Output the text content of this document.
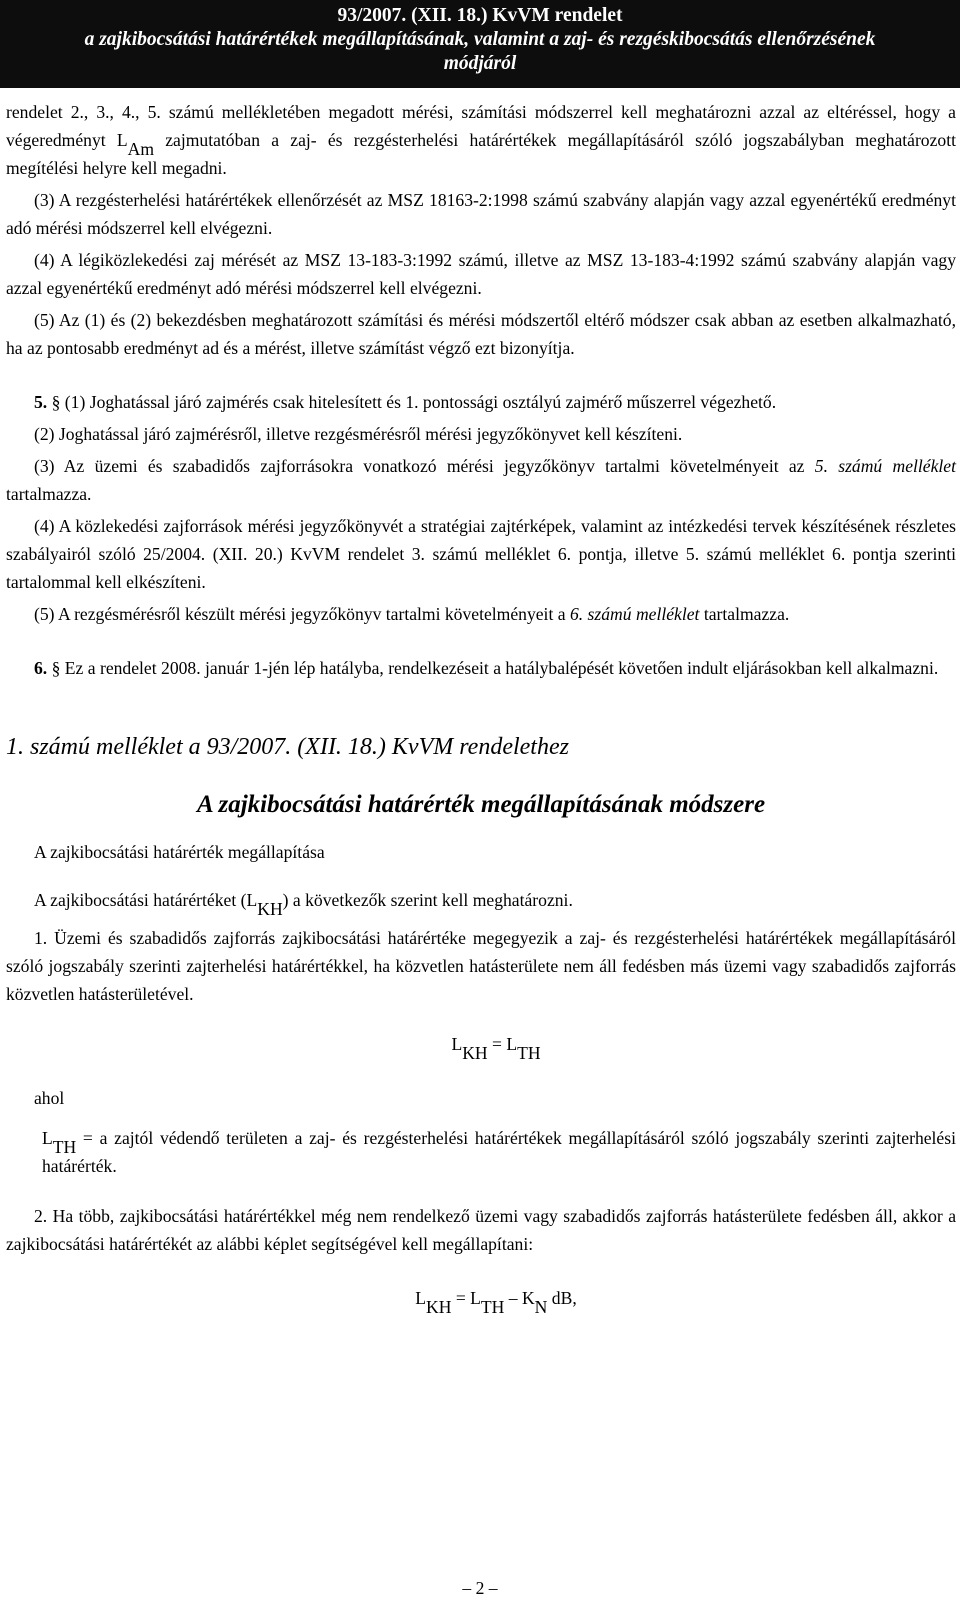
93/2007. (XII. 18.) KvVM rendelet
a zajkibocsátási határértékek megállapításának, valamint a zaj- és rezgéskibocsátás ellenőrzésének
módjáról

rendelet 2., 3., 4., 5. számú mellékletében megadott mérési, számítási módszerrel kell meghatározni azzal az eltéréssel, hogy a végeredményt $L_{Am}$ zajmutatóban a zaj- és rezgésterhelési határértékek megállapításáról szóló jogszabályban meghatározott megítélési helyre kell megadni.

(3) A rezgésterhelési határértékek ellenőrzését az MSZ 18163-2:1998 számú szabvány alapján vagy azzal egyenértékű eredményt adó mérési módszerrel kell elvégezni.

(4) A légiközlekedési zaj mérését az MSZ 13-183-3:1992 számú, illetve az MSZ 13-183-4:1992 számú szabvány alapján vagy azzal egyenértékű eredményt adó mérési módszerrel kell elvégezni.

(5) Az (1) és (2) bekezdésben meghatározott számítási és mérési módszertől eltérő módszer csak abban az esetben alkalmazható, ha az pontosabb eredményt ad és a mérést, illetve számítást végző ezt bizonyítja.

5. § (1) Joghatással járó zajmérés csak hitelesített és 1. pontossági osztályú zajmérő műszerrel végezhető.

(2) Joghatással járó zajmérésről, illetve rezgésmérésről mérési jegyzőkönyvet kell készíteni.

(3) Az üzemi és szabadidős zajforrásokra vonatkozó mérési jegyzőkönyv tartalmi követelményeit az 5. számú melléklet tartalmazza.

(4) A közlekedési zajforrások mérési jegyzőkönyvét a stratégiai zajtérképek, valamint az intézkedési tervek készítésének részletes szabályairól szóló 25/2004. (XII. 20.) KvVM rendelet 3. számú melléklet 6. pontja, illetve 5. számú melléklet 6. pontja szerinti tartalommal kell elkészíteni.

(5) A rezgésmérésről készült mérési jegyzőkönyv tartalmi követelményeit a 6. számú melléklet tartalmazza.

6. § Ez a rendelet 2008. január 1-jén lép hatályba, rendelkezéseit a hatálybalépését követően indult eljárásokban kell alkalmazni.

1. számú melléklet a 93/2007. (XII. 18.) KvVM rendelethez

A zajkibocsátási határérték megállapításának módszere

A zajkibocsátási határérték megállapítása

A zajkibocsátási határértéket $(L_{KH})$ a következők szerint kell meghatározni.

1. Üzemi és szabadidős zajforrás zajkibocsátási határértéke megegyezik a zaj- és rezgésterhelési határértékek megállapításáról szóló jogszabály szerinti zajterhelési határértékkel, ha közvetlen hatásterülete nem áll fedésben más üzemi vagy szabadidős zajforrás közvetlen hatásterületével.

$L_{KH} = L_{TH}$

ahol

$L_{TH} = a$ zajtól védendő területen a zaj- és rezgésterhelési határértékek megállapításáról szóló jogszabály szerinti zajterhelési határérték.

2. Ha több, zajkibocsátási határértékkel még nem rendelkező üzemi vagy szabadidős zajforrás hatásterülete fedésben áll, akkor a zajkibocsátási határértékét az alábbi képlet segítségével kell megállapítani:

$L_{KH} = L_{TH} - K_N$ dB,

– 2 –
